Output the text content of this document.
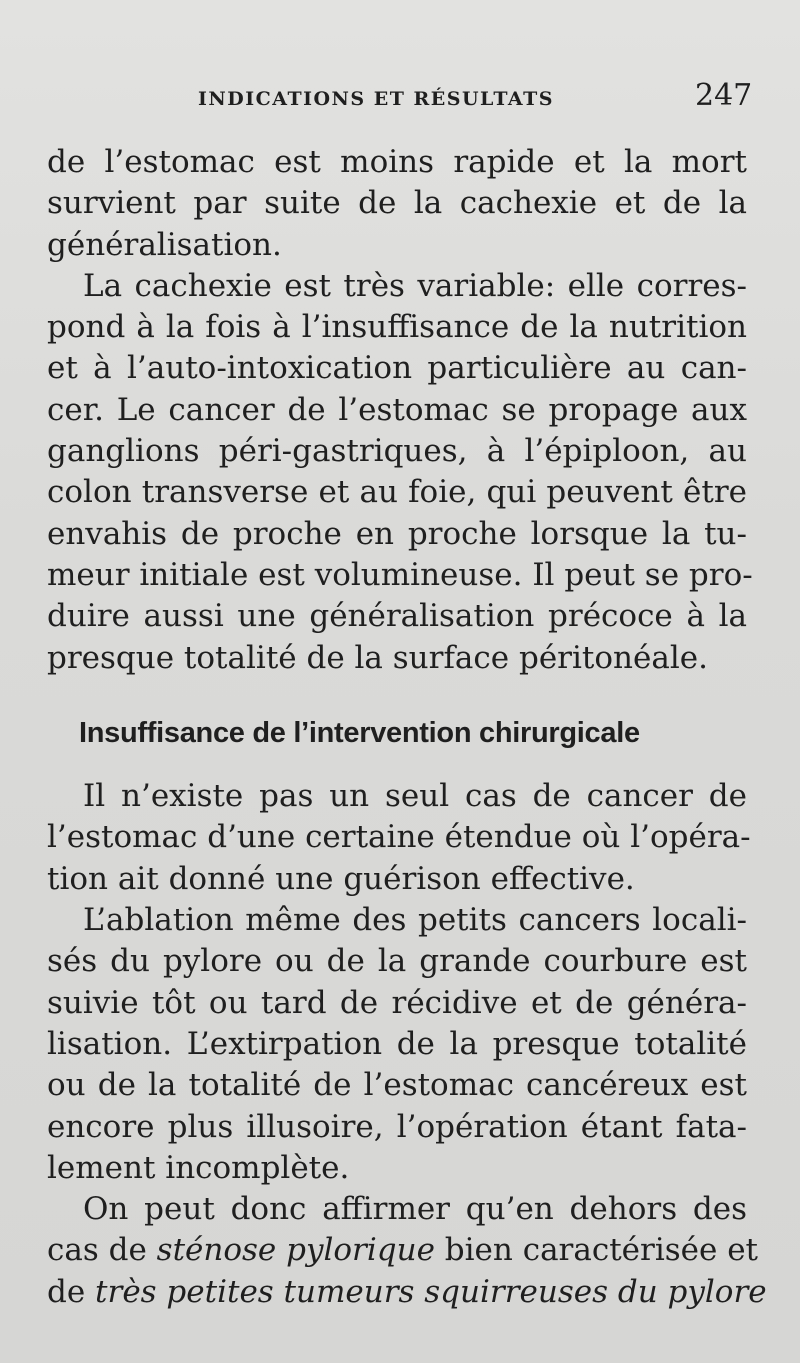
INDICATIONS ET RÉSULTATS	247
de l’estomac est moins rapide et la mort
survient par suite de la cachexie et de la
généralisation.
La cachexie est très variable: elle corres-
pond à la fois à l’insuffisance de la nutrition
et à l’auto-intoxication particulière au can-
cer. Le cancer de l’estomac se propage aux
ganglions péri-gastriques, à l’épiploon, au
colon transverse et au foie, qui peuvent être
envahis de proche en proche lorsque la tu-
meur initiale est volumineuse. Il peut se pro-
duire aussi une généralisation précoce à la
presque totalité de la surface péritonéale.
Insuffisance de l’intervention chirurgicale
Il n’existe pas un seul cas de cancer de
l’estomac d’une certaine étendue où l’opéra-
tion ait donné une guérison effective.
L’ablation même des petits cancers locali-
sés du pylore ou de la grande courbure est
suivie tôt ou tard de récidive et de généra-
lisation. L’extirpation de la presque totalité
ou de la totalité de l’estomac cancéreux est
encore plus illusoire, l’opération étant fata-
lement incomplète.
On peut donc affirmer qu’en dehors des
cas de sténose pylorique bien caractérisée et
de très petites tumeurs squirreuses du pylore
